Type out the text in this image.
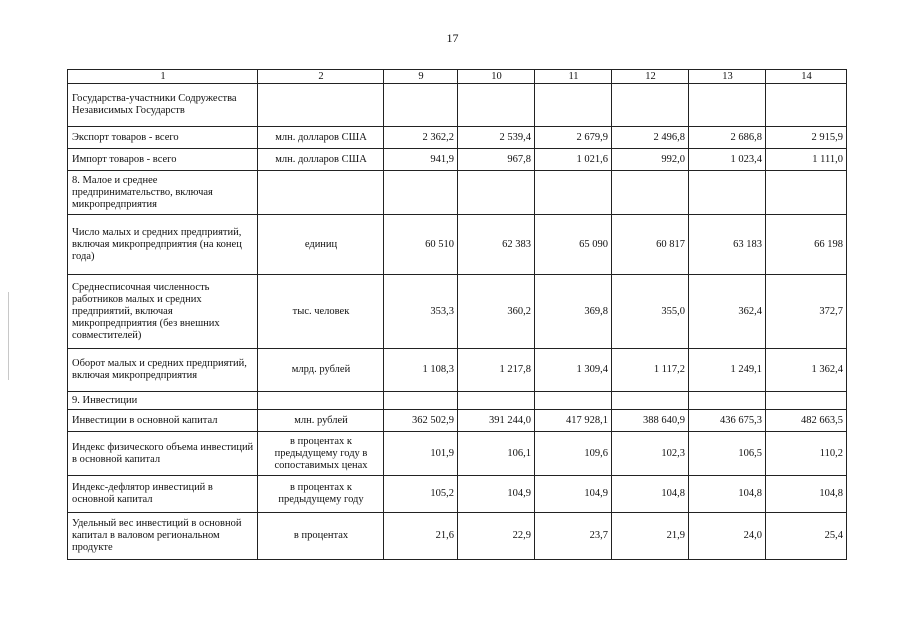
17
1	2	9	10	11	12	13	14
Государства-участники Содружества Независимых Государств							
Экспорт товаров - всего	млн. долларов США	2 362,2	2 539,4	2 679,9	2 496,8	2 686,8	2 915,9
Импорт товаров - всего	млн. долларов США	941,9	967,8	1 021,6	992,0	1 023,4	1 111,0
8. Малое и среднее предпринимательство, включая микропредприятия							
Число малых и средних предприятий, включая микропредприятия (на конец года)	единиц	60 510	62 383	65 090	60 817	63 183	66 198
Среднесписочная численность работников малых и средних предприятий, включая микропредприятия (без внешних совместителей)	тыс. человек	353,3	360,2	369,8	355,0	362,4	372,7
Оборот малых и средних предприятий, включая микропредприятия	млрд. рублей	1 108,3	1 217,8	1 309,4	1 117,2	1 249,1	1 362,4
9. Инвестиции							
Инвестиции в основной капитал	млн. рублей	362 502,9	391 244,0	417 928,1	388 640,9	436 675,3	482 663,5
Индекс физического объема инвестиций в основной капитал	в процентах к предыдущему году в сопоставимых ценах	101,9	106,1	109,6	102,3	106,5	110,2
Индекс-дефлятор инвестиций в основной капитал	в процентах к предыдущему году	105,2	104,9	104,9	104,8	104,8	104,8
Удельный вес инвестиций в основной капитал в валовом региональном продукте	в процентах	21,6	22,9	23,7	21,9	24,0	25,4
